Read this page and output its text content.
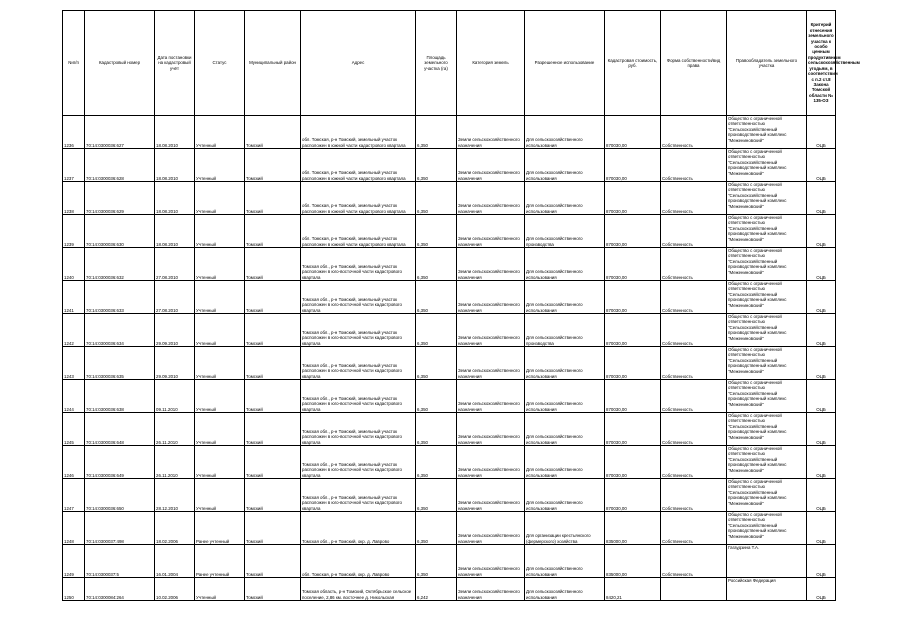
№п/п	Кадастровый номер	Дата постановки на кадастровый учёт	Статус	Муниципальный район	Адрес	Площадь земельного участка (га)	Категория земель	Разрешенное использование	Кадастровая стоимость, руб.	Форма собственности/вид права	Правообладатель земельного участка	Критерий отнесения земельного участка к особо ценным продуктивным сельскохозяйственным угодьям, в соответствии с п.2 ст.8 Закона Томской области № 135-ОЗ
1236	70:14:0300036:627	18.08.2010	Учтенный	Томский	обл. Томская, р-н Томский, земельный участок расположен в южной части кадастрового квартала	6,350	Земли сельскохозяйственного назначения	Для сельскохозяйственного использования	870030,00	Собственность	Общество с ограниченной ответственностью "Сельскохозяйственный производственный комплекс "Межениновский"	ОЦБ
1237	70:14:0300036:628	18.08.2010	Учтенный	Томский	обл. Томская, р-н Томский, земельный участок расположен в южной части кадастрового квартала	6,350	Земли сельскохозяйственного назначения	Для сельскохозяйственного использования	870030,00	Собственность	Общество с ограниченной ответственностью "Сельскохозяйственный производственный комплекс "Межениновский"	ОЦБ
1238	70:14:0300036:629	18.08.2010	Учтенный	Томский	обл. Томская, р-н Томский, земельный участок расположен в южной части кадастрового квартала	6,350	Земли сельскохозяйственного назначения	Для сельскохозяйственного использования	870030,00	Собственность	Общество с ограниченной ответственностью "Сельскохозяйственный производственный комплекс "Межениновский"	ОЦБ
1239	70:14:0300036:630	18.08.2010	Учтенный	Томский	обл. Томская, р-н Томский, земельный участок расположен в южной части кадастрового квартала	6,350	Земли сельскохозяйственного назначения	Для сельскохозяйственного производства	870030,00	Собственность	Общество с ограниченной ответственностью "Сельскохозяйственный производственный комплекс "Межениновский"	ОЦБ
1240	70:14:0300036:632	27.08.2010	Учтенный	Томский	Томская обл., р-н Томский, земельный участок расположен в юго-восточной части кадастрового квартала	6,350	Земли сельскохозяйственного назначения	Для сельскохозяйственного использования	870030,00	Собственность	Общество с ограниченной ответственностью "Сельскохозяйственный производственный комплекс "Межениновский"	ОЦБ
1241	70:14:0300036:633	27.08.2010	Учтенный	Томский	Томская обл., р-н Томский, земельный участок расположен в юго-восточной части кадастрового квартала	6,350	Земли сельскохозяйственного назначения	Для сельскохозяйственного использования	870030,00	Собственность	Общество с ограниченной ответственностью "Сельскохозяйственный производственный комплекс "Межениновский"	ОЦБ
1242	70:14:0300036:634	29.09.2010	Учтенный	Томский	Томская обл., р-н Томский, земельный участок расположен в юго-восточной части кадастрового квартала	6,350	Земли сельскохозяйственного назначения	Для сельскохозяйственного производства	870030,00	Собственность	Общество с ограниченной ответственностью "Сельскохозяйственный производственный комплекс "Межениновский"	ОЦБ
1243	70:14:0300036:635	29.09.2010	Учтенный	Томский	Томская обл., р-н Томский, земельный участок расположен в юго-восточной части кадастрового квартала	6,350	Земли сельскохозяйственного назначения	Для сельскохозяйственного использования	870030,00	Собственность	Общество с ограниченной ответственностью "Сельскохозяйственный производственный комплекс "Межениновский"	ОЦБ
1244	70:14:0300036:638	09.11.2010	Учтенный	Томский	Томская обл., р-н Томский, земельный участок расположен в юго-восточной части кадастрового квартала	6,350	Земли сельскохозяйственного назначения	Для сельскохозяйственного использования	870030,00	Собственность	Общество с ограниченной ответственностью "Сельскохозяйственный производственный комплекс "Межениновский"	ОЦБ
1245	70:14:0300036:648	26.11.2010	Учтенный	Томский	Томская обл., р-н Томский, земельный участок расположен в юго-восточной части кадастрового квартала	6,350	Земли сельскохозяйственного назначения	Для сельскохозяйственного использования	870030,00	Собственность	Общество с ограниченной ответственностью "Сельскохозяйственный производственный комплекс "Межениновский"	ОЦБ
1246	70:14:0300036:649	26.11.2010	Учтенный	Томский	Томская обл., р-н Томский, земельный участок расположен в юго-восточной части кадастрового квартала	6,350	Земли сельскохозяйственного назначения	Для сельскохозяйственного использования	870030,00	Собственность	Общество с ограниченной ответственностью "Сельскохозяйственный производственный комплекс "Межениновский"	ОЦБ
1247	70:14:0300036:650	28.12.2010	Учтенный	Томский	Томская обл., р-н Томский, земельный участок расположен в юго-восточной части кадастрового квартала	6,350	Земли сельскохозяйственного назначения	Для сельскохозяйственного использования	870030,00	Собственность	Общество с ограниченной ответственностью "Сельскохозяйственный производственный комплекс "Межениновский"	ОЦБ
1248	70:14:0300037:498	18.02.2006	Ранее учтенный	Томский	Томская обл., р-н Томский, окр. д. Лаврово	6,350	Земли сельскохозяйственного назначения	Для организации крестьянского (фермерского) хозяйства	835000,00	Собственность	Общество с ограниченной ответственностью "Сельскохозяйственный производственный комплекс "Межениновский"	ОЦБ
1249	70:14:0300037:5	16.01.2004	Ранее учтенный	Томский	обл. Томская, р-н Томский, окр. д. Лаврово	6,350	Земли сельскохозяйственного назначения	Для сельскохозяйственного использования	835000,00	Собственность	Гагаудзина Т.А.	ОЦБ
1250	70:14:0300084:264	10.02.2006	Учтенный	Томский	Томская область, р-н Томский, Октябрьское сельское поселение, 2,86 км. восточнее д. Никольская	6,242	Земли сельскохозяйственного назначения	Для сельскохозяйственного использования	8420,21		Российская Федерация	ОЦБ
